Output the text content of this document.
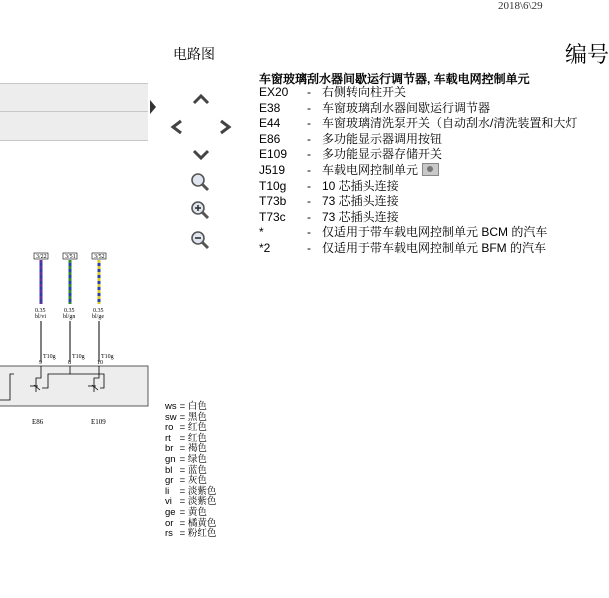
2018\6\29
编号
电路图
车窗玻璃刮水器间歇运行调节器, 车载电网控制单元
EX20	- 右侧转向柱开关
E38	- 车窗玻璃刮水器间歇运行调节器
E44	- 车窗玻璃清洗泵开关（自动刮水/清洗装置和大灯
E86	- 多功能显示器调用按钮
E109	- 多功能显示器存储开关
J519	- 车载电网控制单元
T10g	- 10 芯插头连接
T73b	- 73 芯插头连接
T73c	- 73 芯插头连接
*	- 仅适用于带车载电网控制单元 BCM 的汽车
*2	- 仅适用于带车载电网控制单元 BFM 的汽车
3/22	3/51	3/52
0.35
bl/vi
0.35
bl/gn
0.35
bl/ge
T10g
9
T10g
8
T10g
10
E86	E109
ws = 白色
sw = 黑色
ro = 红色
rt = 红色
br = 褐色
gn = 绿色
bl = 蓝色
gr = 灰色
li = 淡紫色
vi = 淡紫色
ge = 黄色
or = 橘黄色
rs = 粉红色
